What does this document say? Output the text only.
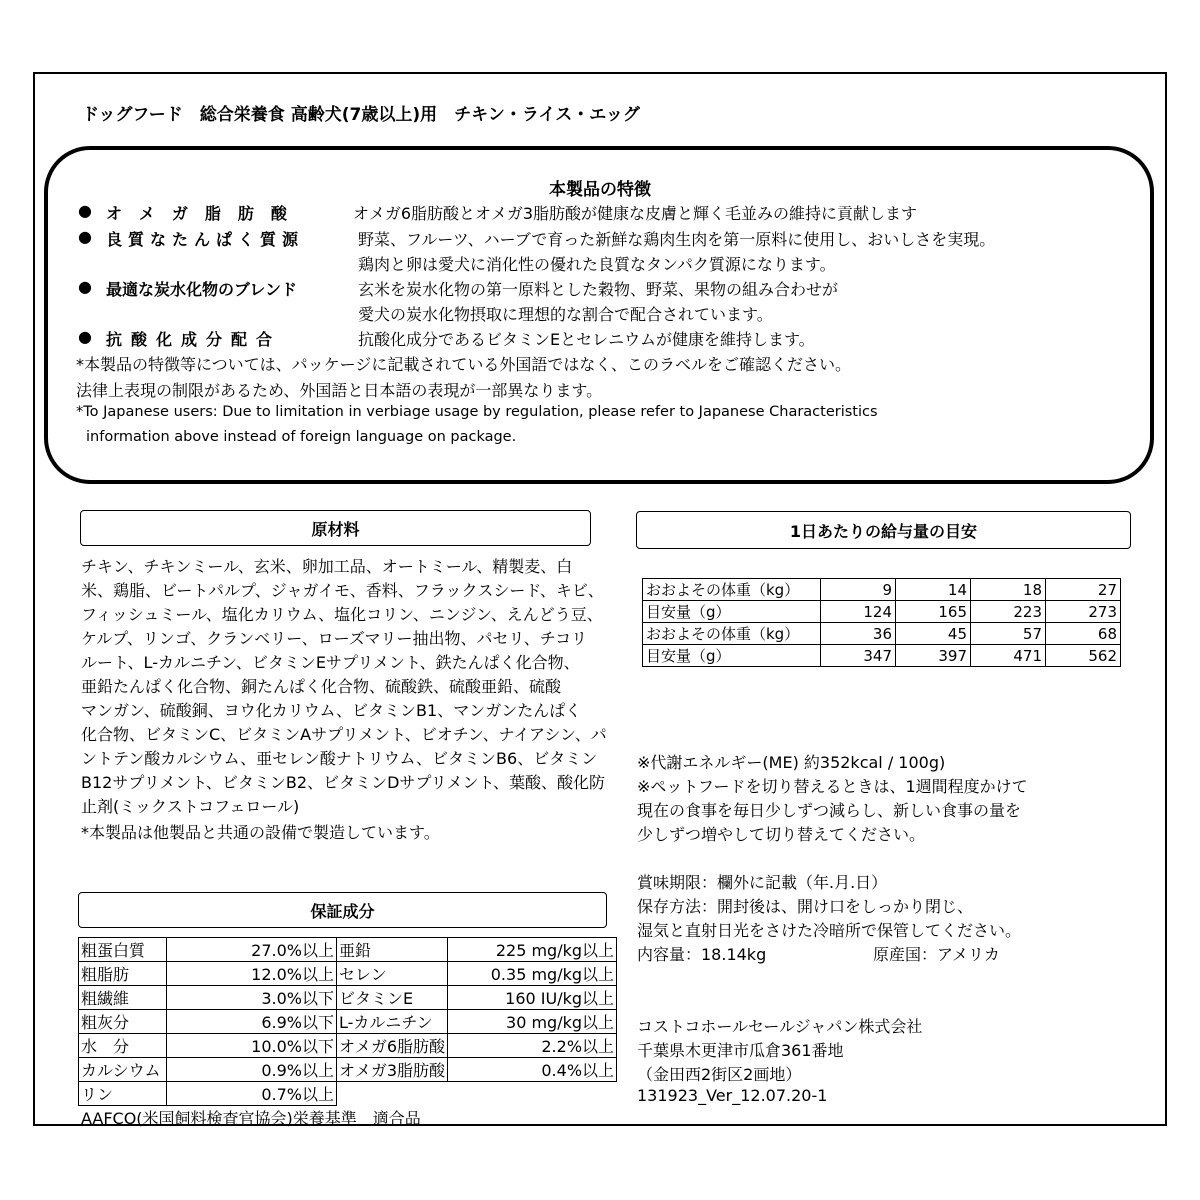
ドッグフード　総合栄養食 高齢犬(7歳以上)用　チキン・ライス・エッグ
本製品の特徴
● オメガ脂肪酸	オメガ6脂肪酸とオメガ3脂肪酸が健康な皮膚と輝く毛並みの維持に貢献します
● 良質なたんぱく質源	野菜、フルーツ、ハーブで育った新鮮な鶏肉生肉を第一原料に使用し、おいしさを実現。
鶏肉と卵は愛犬に消化性の優れた良質なタンパク質源になります。
● 最適な炭水化物のブレンド	玄米を炭水化物の第一原料とした穀物、野菜、果物の組み合わせが
愛犬の炭水化物摂取に理想的な割合で配合されています。
● 抗酸化成分配合	抗酸化成分であるビタミンEとセレニウムが健康を維持します。
*本製品の特徴等については、パッケージに記載されている外国語ではなく、このラベルをご確認ください。
法律上表現の制限があるため、外国語と日本語の表現が一部異なります。
*To Japanese users: Due to limitation in verbiage usage by regulation, please refer to Japanese Characteristics
information above instead of foreign language on package.
原材料
チキン、チキンミール、玄米、卵加工品、オートミール、精製麦、白
米、鶏脂、ビートパルプ、ジャガイモ、香料、フラックスシード、キビ、
フィッシュミール、塩化カリウム、塩化コリン、ニンジン、えんどう豆、
ケルプ、リンゴ、クランベリー、ローズマリー抽出物、パセリ、チコリ
ルート、L-カルニチン、ビタミンEサプリメント、鉄たんぱく化合物、
亜鉛たんぱく化合物、銅たんぱく化合物、硫酸鉄、硫酸亜鉛、硫酸
マンガン、硫酸銅、ヨウ化カリウム、ビタミンB1、マンガンたんぱく
化合物、ビタミンC、ビタミンAサプリメント、ビオチン、ナイアシン、パ
ントテン酸カルシウム、亜セレン酸ナトリウム、ビタミンB6、ビタミン
B12サプリメント、ビタミンB2、ビタミンDサプリメント、葉酸、酸化防
止剤(ミックストコフェロール)
*本製品は他製品と共通の設備で製造しています。
保証成分
粗蛋白質	27.0%以上	亜鉛	225 mg/kg以上
粗脂肪	12.0%以上	セレン	0.35 mg/kg以上
粗繊維	3.0%以下	ビタミンE	160 IU/kg以上
粗灰分	6.9%以下	L-カルニチン	30 mg/kg以上
水　分	10.0%以下	オメガ6脂肪酸	2.2%以上
カルシウム	0.9%以上	オメガ3脂肪酸	0.4%以上
リン	0.7%以上		
AAFCO(米国飼料検査官協会)栄養基準　適合品
1日あたりの給与量の目安
おおよその体重（kg）	9	14	18	27
目安量（g）	124	165	223	273
おおよその体重（kg）	36	45	57	68
目安量（g）	347	397	471	562
※代謝エネルギー(ME) 約352kcal / 100g)
※ペットフードを切り替えるときは、1週間程度かけて
現在の食事を毎日少しずつ減らし、新しい食事の量を
少しずつ増やして切り替えてください。
賞味期限：欄外に記載（年.月.日）
保存方法：開封後は、開け口をしっかり閉じ、
湿気と直射日光をさけた冷暗所で保管してください。
内容量：18.14kg	原産国：アメリカ
コストコホールセールジャパン株式会社
千葉県木更津市瓜倉361番地
（金田西2街区2画地）
131923_Ver_12.07.20-1
